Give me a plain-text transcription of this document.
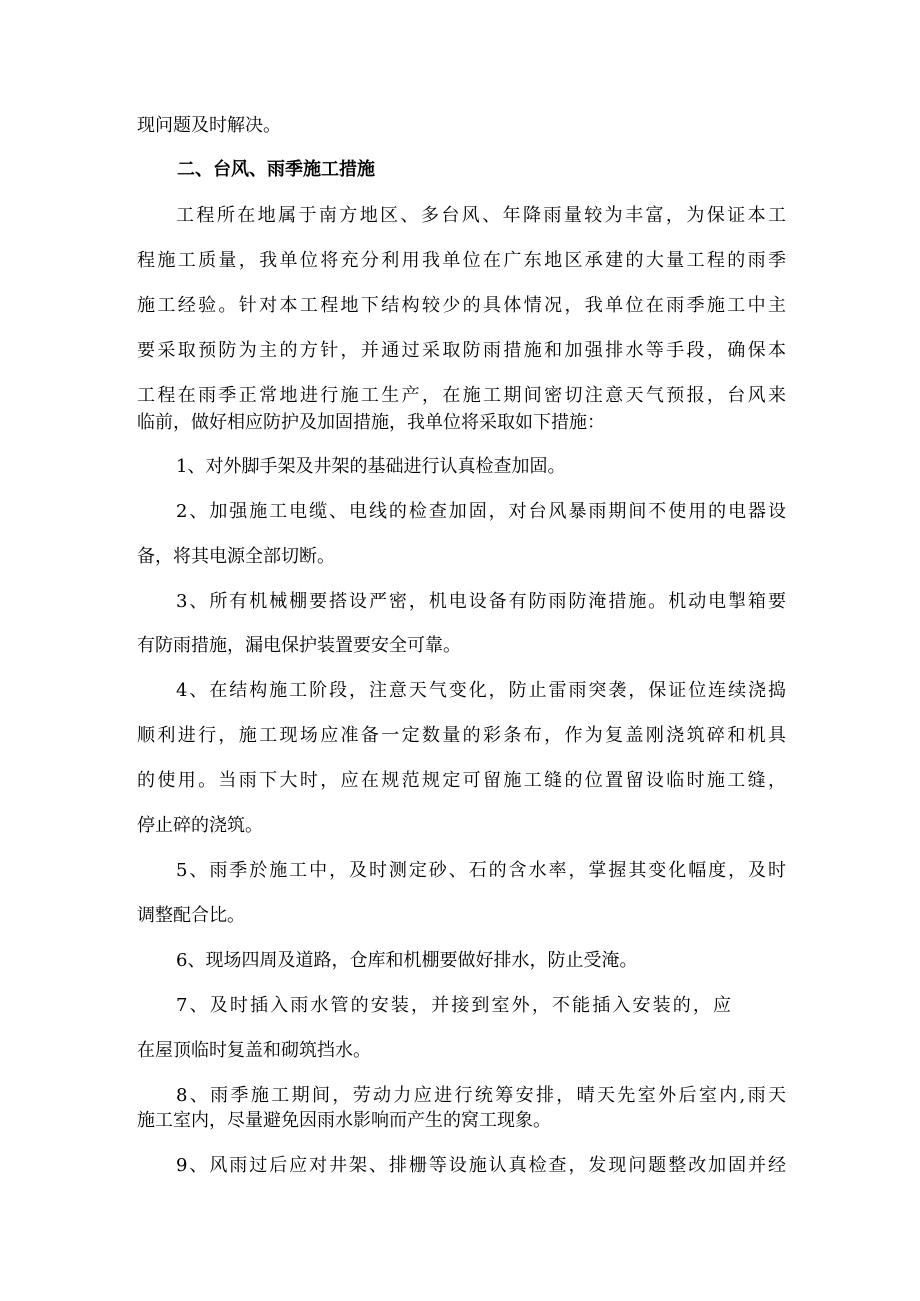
现问题及时解决。

二、台风、雨季施工措施

工程所在地属于南方地区、多台风、年降雨量较为丰富，为保证本工

程施工质量，我单位将充分利用我单位在广东地区承建的大量工程的雨季

施工经验。针对本工程地下结构较少的具体情况，我单位在雨季施工中主

要采取预防为主的方针，并通过采取防雨措施和加强排水等手段，确保本

工程在雨季正常地进行施工生产，在施工期间密切注意天气预报，台风来

临前，做好相应防护及加固措施，我单位将采取如下措施：

1、对外脚手架及井架的基础进行认真检查加固。

2、加强施工电缆、电线的检查加固，对台风暴雨期间不使用的电器设

备，将其电源全部切断。

3、所有机械棚要搭设严密，机电设备有防雨防淹措施。机动电掣箱要

有防雨措施，漏电保护装置要安全可靠。

4、在结构施工阶段，注意天气变化，防止雷雨突袭，保证位连续浇捣

顺利进行，施工现场应准备一定数量的彩条布，作为复盖刚浇筑碎和机具

的使用。当雨下大时，应在规范规定可留施工缝的位置留设临时施工缝，

停止碎的浇筑。

5、雨季於施工中，及时测定砂、石的含水率，掌握其变化幅度，及时

调整配合比。

6、现场四周及道路，仓库和机棚要做好排水，防止受淹。

7、及时插入雨水管的安装，并接到室外，不能插入安装的，应

在屋顶临时复盖和砌筑挡水。

8、雨季施工期间，劳动力应进行统筹安排，晴天先室外后室内,雨天

施工室内，尽量避免因雨水影响而产生的窝工现象。

9、风雨过后应对井架、排栅等设施认真检查，发现问题整改加固并经
